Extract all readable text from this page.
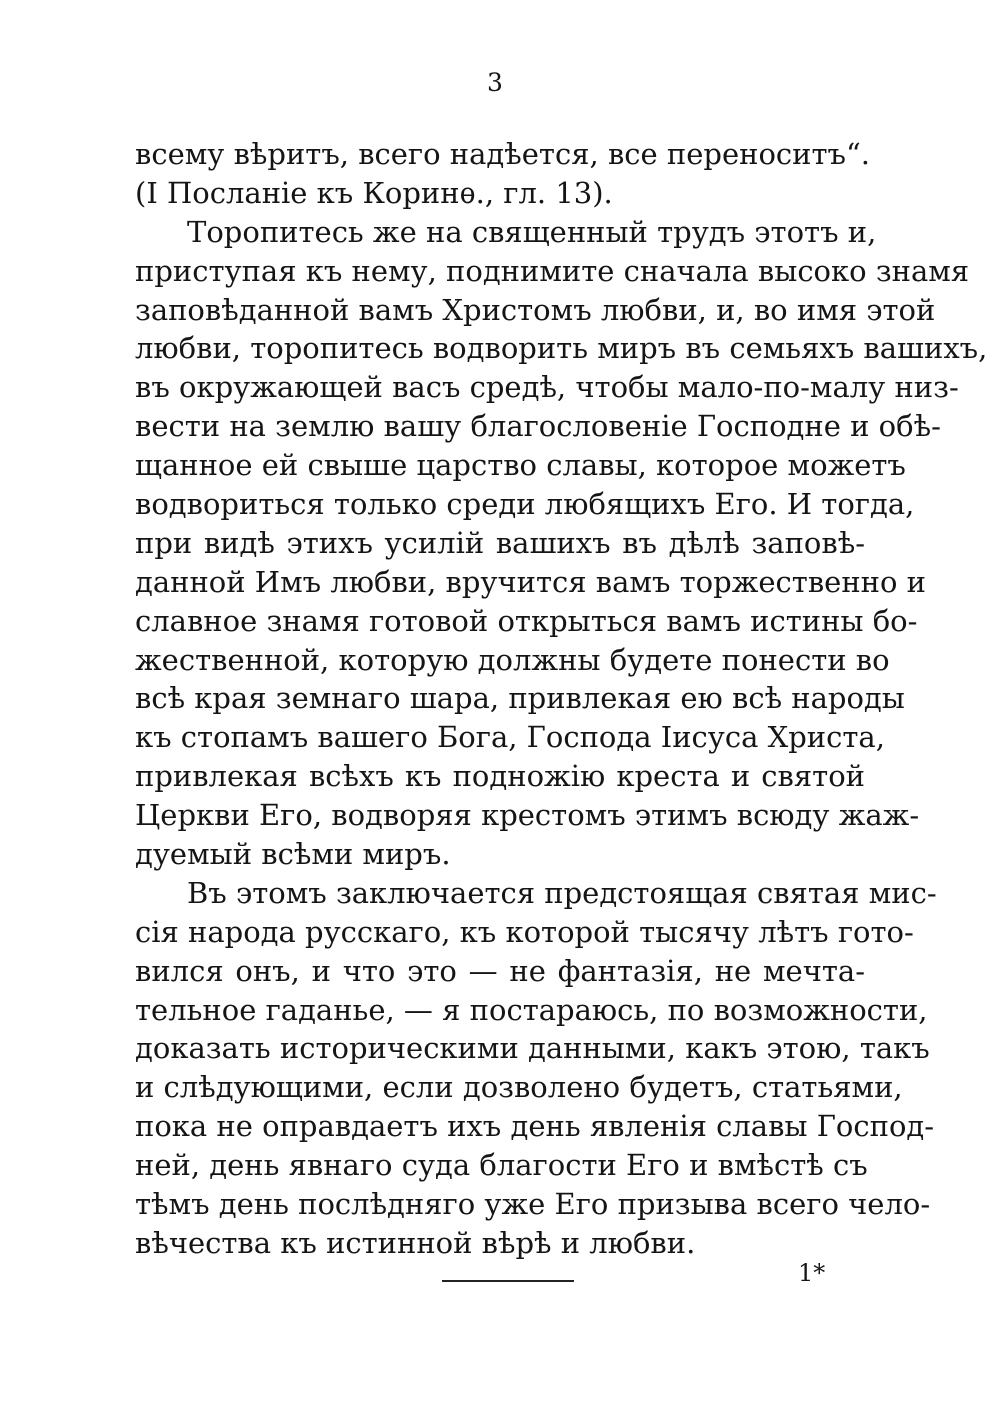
3
всему вѣритъ, всего надѣется, все переноситъ“.
(I Посланіе къ Коринѳ., гл. 13).
Торопитесь же на священный трудъ этотъ и,
приступая къ нему, поднимите сначала высоко знамя
заповѣданной вамъ Христомъ любви, и, во имя этой
любви, торопитесь водворить миръ въ семьяхъ вашихъ,
въ окружающей васъ средѣ, чтобы мало-по-малу низ-
вести на землю вашу благословеніе Господне и обѣ-
щанное ей свыше царство славы, которое можетъ
водвориться только среди любящихъ Его. И тогда,
при видѣ этихъ усилій вашихъ въ дѣлѣ заповѣ-
данной Имъ любви, вручится вамъ торжественно и
славное знамя готовой открыться вамъ истины бо-
жественной, которую должны будете понести во
всѣ края земнаго шара, привлекая ею всѣ народы
къ стопамъ вашего Бога, Господа Іисуса Христа,
привлекая всѣхъ къ подножію креста и святой
Церкви Его, водворяя крестомъ этимъ всюду жаж-
дуемый всѣми миръ.
Въ этомъ заключается предстоящая святая мис-
сія народа русскаго, къ которой тысячу лѣтъ гото-
вился онъ, и что это — не фантазія, не мечта-
тельное гаданье, — я постараюсь, по возможности,
доказать историческими данными, какъ этою, такъ
и слѣдующими, если дозволено будетъ, статьями,
пока не оправдаетъ ихъ день явленія славы Господ-
ней, день явнаго суда благости Его и вмѣстѣ съ
тѣмъ день послѣдняго уже Его призыва всего чело-
вѣчества къ истинной вѣрѣ и любви.
1*
